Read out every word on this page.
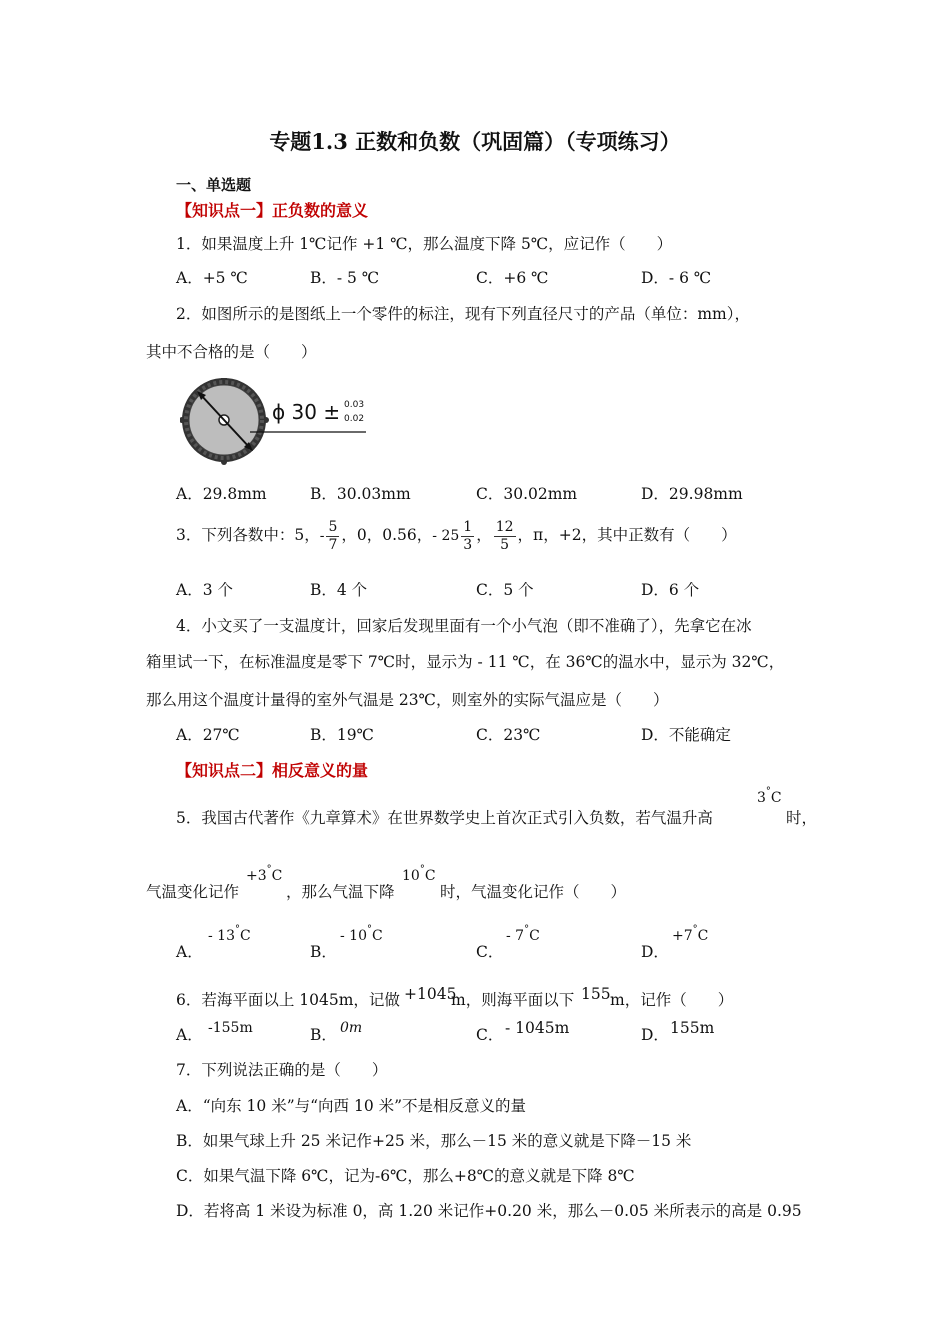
专题1.3 正数和负数（巩固篇）（专项练习）
一、单选题
【知识点一】正负数的意义
1．如果温度上升 1℃记作 +1 ℃，那么温度下降 5℃，应记作（　　）
A．+5 ℃	B．- 5 ℃	C．+6 ℃	D．- 6 ℃
2．如图所示的是图纸上一个零件的标注，现有下列直径尺寸的产品（单位：mm），
其中不合格的是（　　）
ϕ 30 ± 0.03
0.02
A．29.8mm	B．30.03mm	C．30.02mm	D．29.98mm
3．下列各数中：5，- $\frac{5}{7}$ ，0，0.56，- $25 \frac{1}{3}$ ， $\frac{12}{5}$ ，π，+2，其中正数有（　　）
A．3 个	B．4 个	C．5 个	D．6 个
4．小文买了一支温度计，回家后发现里面有一个小气泡（即不准确了），先拿它在冰
箱里试一下，在标准温度是零下 7℃时，显示为 - 11 ℃，在 36℃的温水中，显示为 32℃，
那么用这个温度计量得的室外气温是 23℃，则室外的实际气温应是（　　）
A．27℃	B．19℃	C．23℃	D．不能确定
【知识点二】相反意义的量
5．我国古代著作《九章算术》在世界数学史上首次正式引入负数，若气温升高
3°C
时，
气温变化记作
+3°C
，那么气温下降
10°C
时，气温变化记作（　　）
A．
- 13°C
B．
- 10°C
C．
- 7°C
D．
+7°C
6．若海平面以上 1045m，记做 +1045
m，则海平面以下 155 m，记作（　　）
A． -155m	B． 0m	C． - 1045m	D． 155m
7．下列说法正确的是（　　）
A．“向东 10 米”与“向西 10 米”不是相反意义的量
B．如果气球上升 25 米记作+25 米，那么－15 米的意义就是下降－15 米
C．如果气温下降 6℃，记为-6℃，那么+8℃的意义就是下降 8℃
D．若将高 1 米设为标准 0，高 1.20 米记作+0.20 米，那么－0.05 米所表示的高是 0.95
